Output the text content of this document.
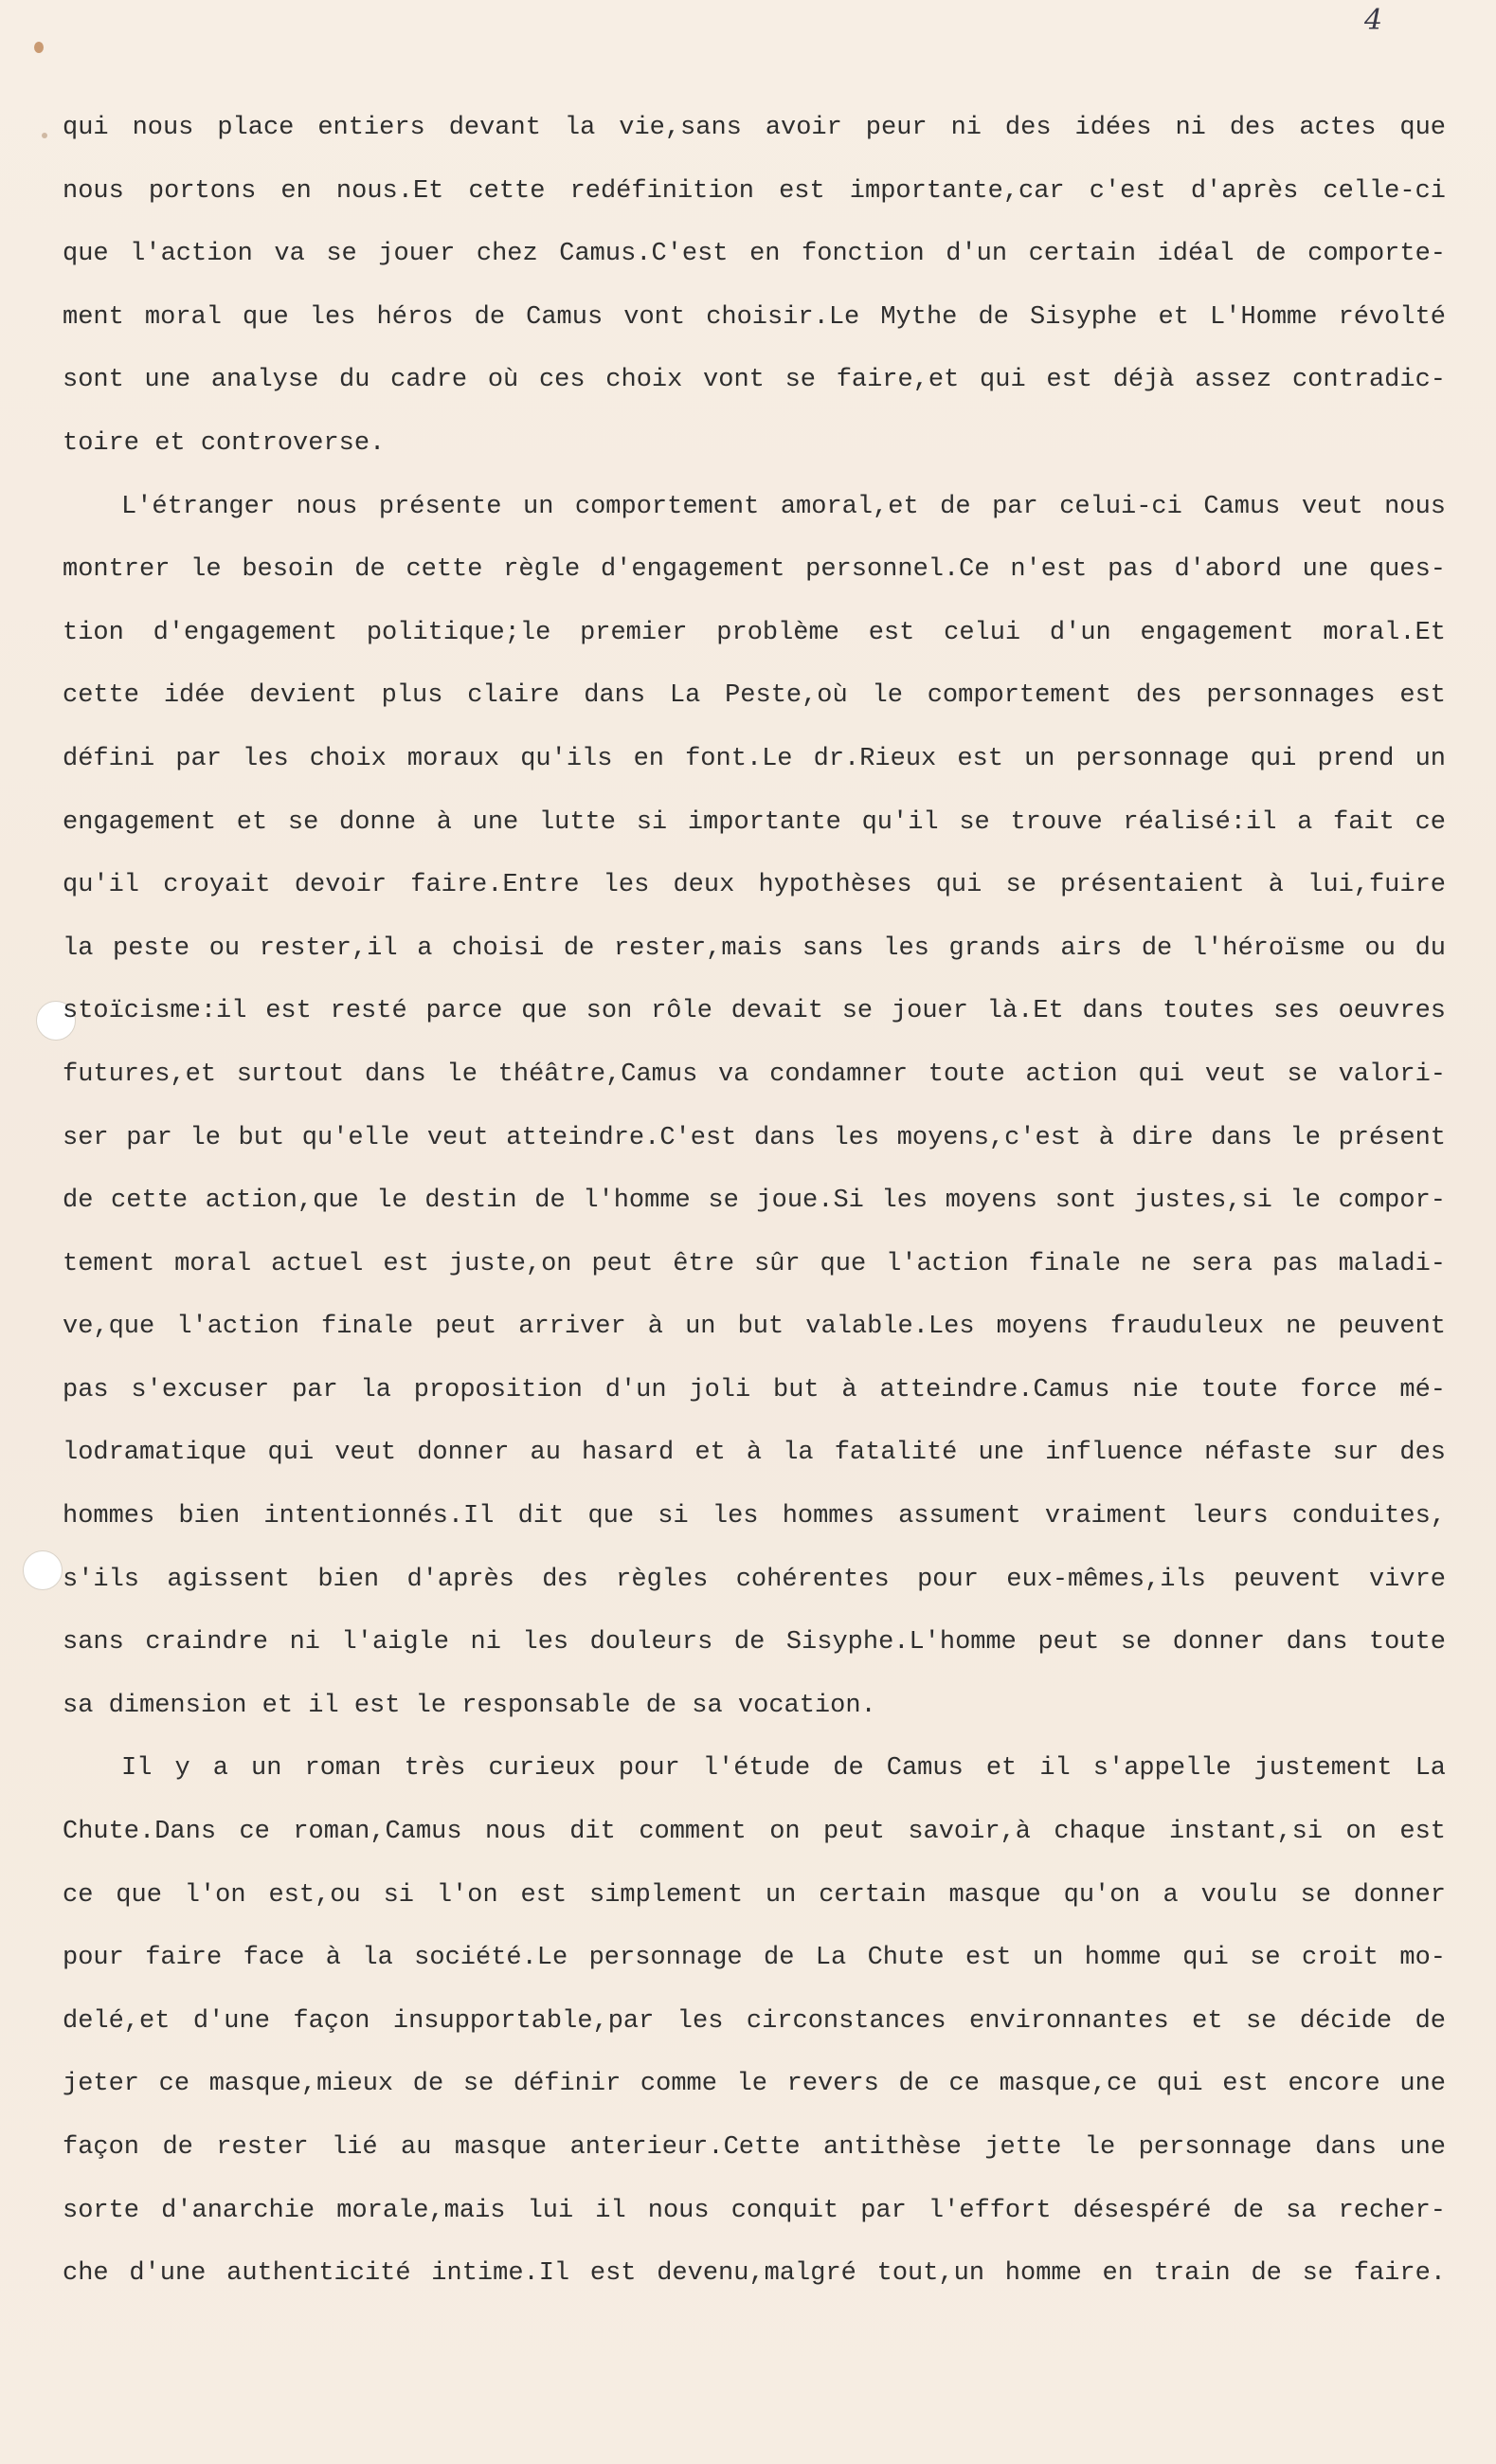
4
qui nous place entiers devant la vie,sans avoir peur ni des idées ni des actes que
nous portons en nous.Et cette redéfinition est importante,car c'est d'après celle-ci
que l'action va se jouer chez Camus.C'est en fonction d'un certain idéal de comporte-
ment moral que les héros de Camus vont choisir.Le Mythe de Sisyphe et L'Homme révolté
sont une analyse du cadre où ces choix vont se faire,et qui est déjà assez contradic-
toire et controverse.
L'étranger nous présente un comportement amoral,et de par celui-ci Camus veut nous
montrer le besoin de cette règle d'engagement personnel.Ce n'est pas d'abord une ques-
tion d'engagement politique;le premier problème est celui d'un engagement moral.Et
cette idée devient plus claire dans La Peste,où le comportement des personnages est
défini par les choix moraux qu'ils en font.Le dr.Rieux est un personnage qui prend un
engagement et se donne à une lutte si importante qu'il se trouve réalisé:il a fait ce
qu'il croyait devoir faire.Entre les deux hypothèses qui se présentaient à lui,fuire
la peste ou rester,il a choisi de rester,mais sans les grands airs de l'héroïsme ou du
stoïcisme:il est resté parce que son rôle devait se jouer là.Et dans toutes ses oeuvres
futures,et surtout dans le théâtre,Camus va condamner toute action qui veut se valori-
ser par le but qu'elle veut atteindre.C'est dans les moyens,c'est à dire dans le présent
de cette action,que le destin de l'homme se joue.Si les moyens sont justes,si le compor-
tement moral actuel est juste,on peut être sûr que l'action finale ne sera pas maladi-
ve,que l'action finale peut arriver à un but valable.Les moyens frauduleux ne peuvent
pas s'excuser par la proposition d'un joli but à atteindre.Camus nie toute force mé-
lodramatique qui veut donner au hasard et à la fatalité une influence néfaste sur des
hommes bien intentionnés.Il dit que si les hommes assument vraiment leurs conduites,
s'ils agissent bien d'après des règles cohérentes pour eux-mêmes,ils peuvent vivre
sans craindre ni l'aigle ni les douleurs de Sisyphe.L'homme peut se donner dans toute
sa dimension et il est le responsable de sa vocation.
Il y a un roman très curieux pour l'étude de Camus et il s'appelle justement La
Chute.Dans ce roman,Camus nous dit comment on peut savoir,à chaque instant,si on est
ce que l'on est,ou si l'on est simplement un certain masque qu'on a voulu se donner
pour faire face à la société.Le personnage de La Chute est un homme qui se croit mo-
delé,et d'une façon insupportable,par les circonstances environnantes et se décide de
jeter ce masque,mieux de se définir comme le revers de ce masque,ce qui est encore une
façon de rester lié au masque anterieur.Cette antithèse jette le personnage dans une
sorte d'anarchie morale,mais lui il nous conquit par l'effort désespéré de sa recher-
che d'une authenticité intime.Il est devenu,malgré tout,un homme en train de se faire.
